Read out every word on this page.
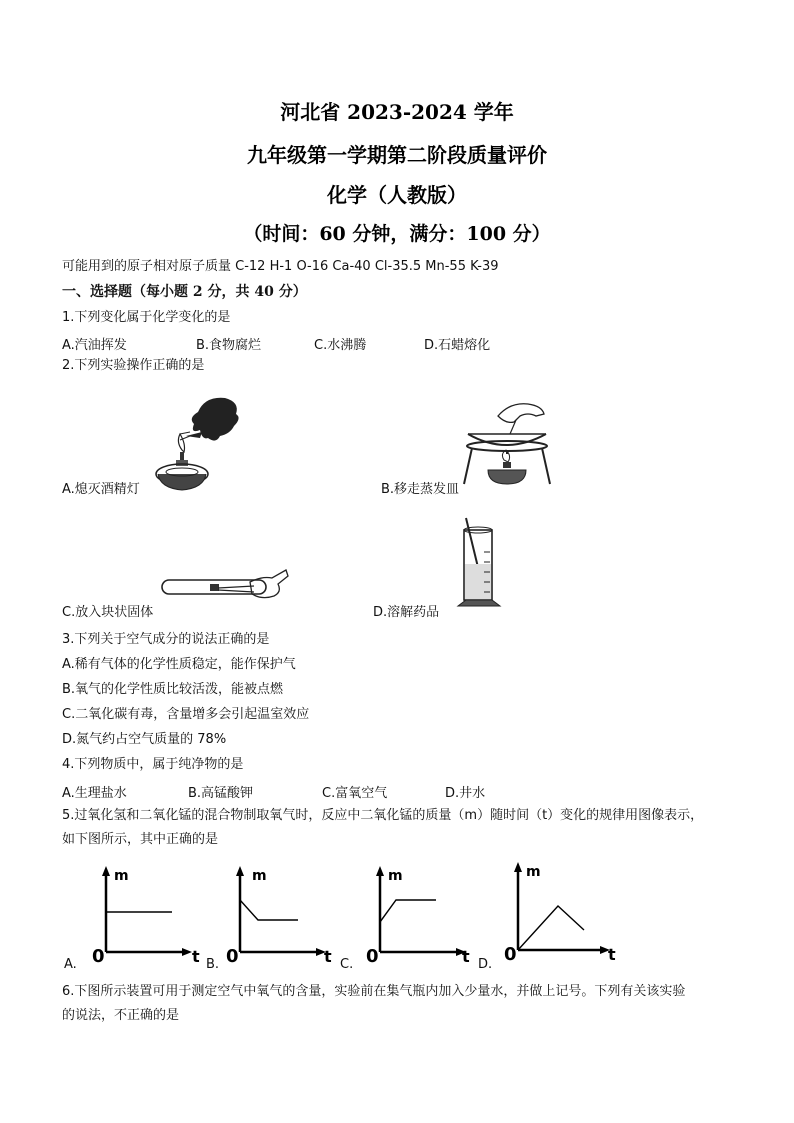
河北省 2023-2024 学年
九年级第一学期第二阶段质量评价
化学（人教版）
（时间：60 分钟，满分：100 分）
可能用到的原子相对原子质量 C-12 H-1 O-16 Ca-40 Cl-35.5 Mn-55 K-39
一、选择题（每小题 2 分，共 40 分）
1.下列变化属于化学变化的是
A.汽油挥发	B.食物腐烂	C.水沸腾	D.石蜡熔化
2.下列实验操作正确的是
A.熄灭酒精灯	B.移走蒸发皿
C.放入块状固体	D.溶解药品
3.下列关于空气成分的说法正确的是
A.稀有气体的化学性质稳定，能作保护气
B.氧气的化学性质比较活泼，能被点燃
C.二氧化碳有毒，含量增多会引起温室效应
D.氮气约占空气质量的 78%
4.下列物质中，属于纯净物的是
A.生理盐水	B.高锰酸钾	C.富氧空气	D.井水
5.过氧化氢和二氧化锰的混合物制取氧气时，反应中二氧化锰的质量（m）随时间（t）变化的规律用图像表示，
如下图所示，其中正确的是
m
t
0
A.
m
t
0
B.
m
t
0
C.
m
t
0
D.
6.下图所示装置可用于测定空气中氧气的含量，实验前在集气瓶内加入少量水，并做上记号。下列有关该实验
的说法，不正确的是
